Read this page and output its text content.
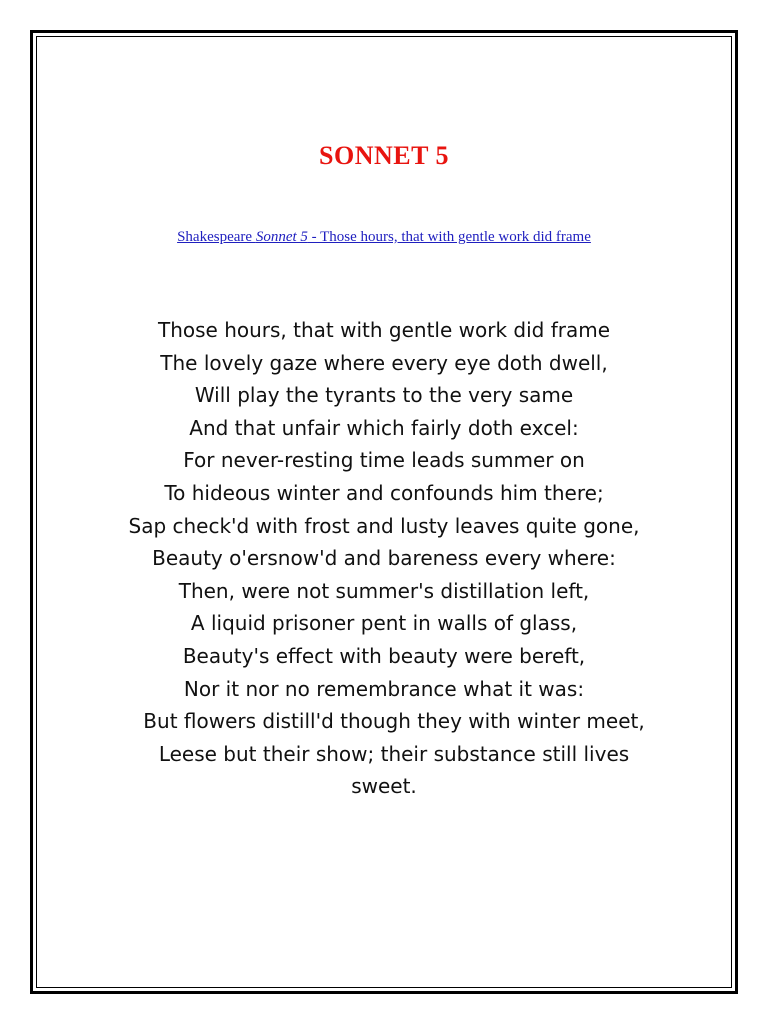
SONNET 5
Shakespeare Sonnet 5 - Those hours, that with gentle work did frame
Those hours, that with gentle work did frame
The lovely gaze where every eye doth dwell,
Will play the tyrants to the very same
And that unfair which fairly doth excel:
For never-resting time leads summer on
To hideous winter and confounds him there;
Sap check'd with frost and lusty leaves quite gone,
Beauty o'ersnow'd and bareness every where:
Then, were not summer's distillation left,
A liquid prisoner pent in walls of glass,
Beauty's effect with beauty were bereft,
Nor it nor no remembrance what it was:
But flowers distill'd though they with winter meet,
Leese but their show; their substance still lives
sweet.
